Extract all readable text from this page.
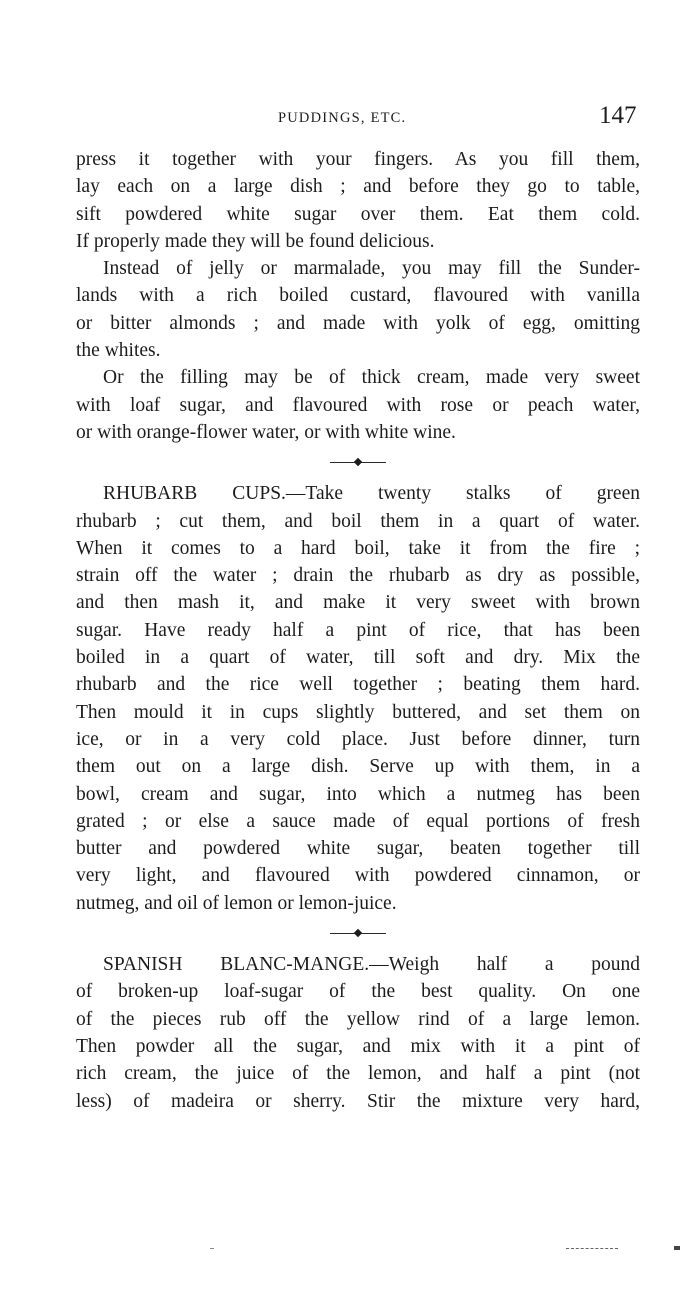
PUDDINGS, ETC.	147
press it together with your fingers. As you fill them,
lay each on a large dish ; and before they go to table,
sift powdered white sugar over them. Eat them cold.
If properly made they will be found delicious.
Instead of jelly or marmalade, you may fill the Sunder-
lands with a rich boiled custard, flavoured with vanilla
or bitter almonds ; and made with yolk of egg, omitting
the whites.
Or the filling may be of thick cream, made very sweet
with loaf sugar, and flavoured with rose or peach water,
or with orange-flower water, or with white wine.
RHUBARB CUPS.—Take twenty stalks of green
rhubarb ; cut them, and boil them in a quart of water.
When it comes to a hard boil, take it from the fire ;
strain off the water ; drain the rhubarb as dry as possible,
and then mash it, and make it very sweet with brown
sugar. Have ready half a pint of rice, that has been
boiled in a quart of water, till soft and dry. Mix the
rhubarb and the rice well together ; beating them hard.
Then mould it in cups slightly buttered, and set them on
ice, or in a very cold place. Just before dinner, turn
them out on a large dish. Serve up with them, in a
bowl, cream and sugar, into which a nutmeg has been
grated ; or else a sauce made of equal portions of fresh
butter and powdered white sugar, beaten together till
very light, and flavoured with powdered cinnamon, or
nutmeg, and oil of lemon or lemon-juice.
SPANISH BLANC-MANGE.—Weigh half a pound
of broken-up loaf-sugar of the best quality. On one
of the pieces rub off the yellow rind of a large lemon.
Then powder all the sugar, and mix with it a pint of
rich cream, the juice of the lemon, and half a pint (not
less) of madeira or sherry. Stir the mixture very hard,
